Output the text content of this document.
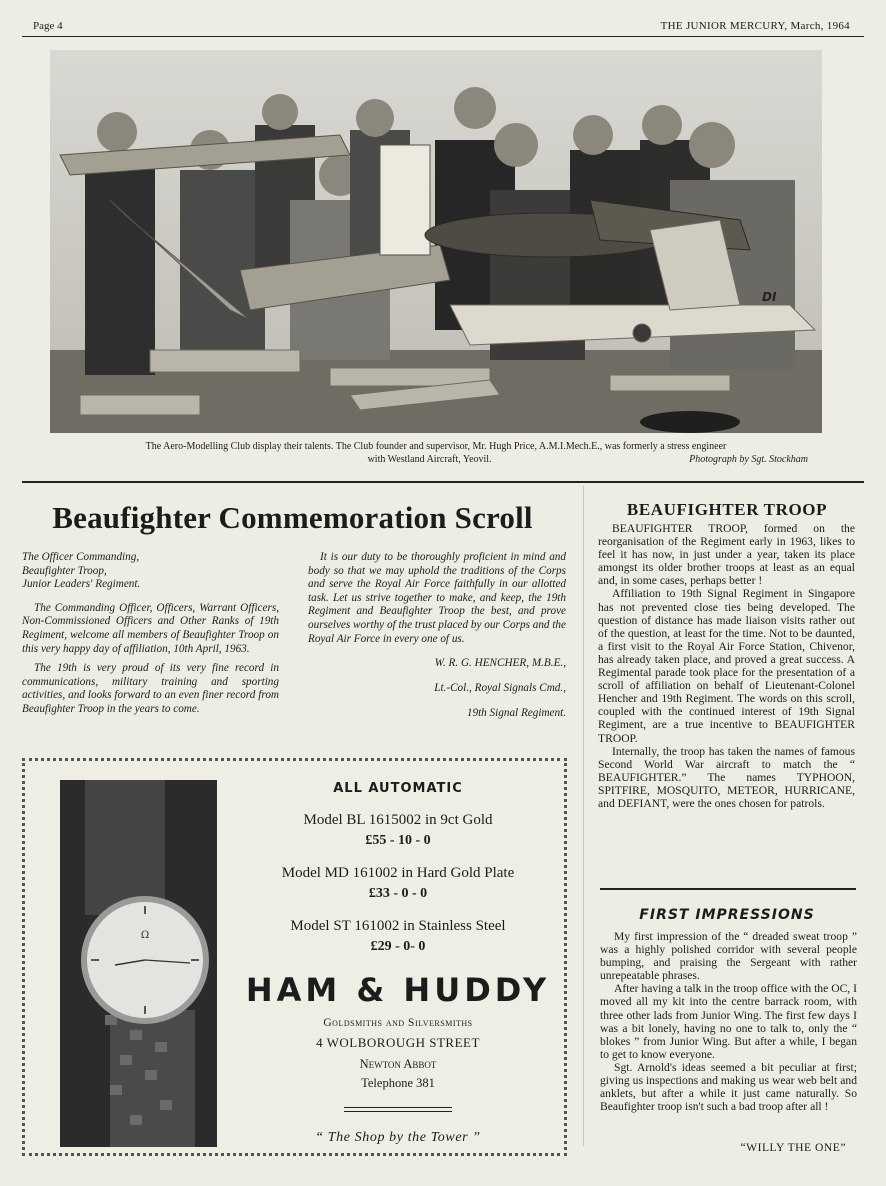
Page 4	THE JUNIOR MERCURY, March, 1964
DI
The Aero-Modelling Club display their talents. The Club founder and supervisor, Mr. Hugh Price, A.M.I.Mech.E., was formerly a stress engineer
with Westland Aircraft, Yeovil.	Photograph by Sgt. Stockham
Beaufighter Commemoration Scroll

The Officer Commanding,
Beaufighter Troop,
Junior Leaders' Regiment.

The Commanding Officer, Officers, Warrant Officers, Non-Commissioned Officers and Other Ranks of 19th Regiment, welcome all members of Beaufighter Troop on this very happy day of affiliation, 10th April, 1963.

The 19th is very proud of its very fine record in communications, military training and sporting activities, and looks forward to an even finer record from Beaufighter Troop in the years to come.

It is our duty to be thoroughly proficient in mind and body so that we may uphold the traditions of the Corps and serve the Royal Air Force faithfully in our allotted task. Let us strive together to make, and keep, the 19th Regiment and Beaufighter Troop the best, and prove ourselves worthy of the trust placed by our Corps and the Royal Air Force in every one of us.

W. R. G. HENCHER, M.B.E.,

Lt.-Col., Royal Signals Cmd.,

19th Signal Regiment.

Ω
ALL AUTOMATIC
Model BL 1615002 in 9ct Gold
£55 - 10 - 0
Model MD 161002 in Hard Gold Plate
£33 - 0 - 0
Model ST 161002 in Stainless Steel
£29 - 0- 0
HAM & HUDDY
Goldsmiths and Silversmiths
4 WOLBOROUGH STREET
Newton Abbot
Telephone 381
“ The Shop by the Tower ”
BEAUFIGHTER TROOP

BEAUFIGHTER TROOP, formed on the reorganisation of the Regiment early in 1963, likes to feel it has now, in just under a year, taken its place amongst its older brother troops at least as an equal and, in some cases, perhaps better !

Affiliation to 19th Signal Regiment in Singapore has not prevented close ties being developed. The question of distance has made liaison visits rather out of the question, at least for the time. Not to be daunted, a first visit to the Royal Air Force Station, Chivenor, has already taken place, and proved a great success. A Regimental parade took place for the presentation of a scroll of affiliation on behalf of Lieutenant-Colonel Hencher and 19th Regiment. The words on this scroll, coupled with the continued interest of 19th Signal Regiment, are a true incentive to BEAUFIGHTER TROOP.

Internally, the troop has taken the names of famous Second World War aircraft to match the “ BEAUFIGHTER.” The names TYPHOON, SPITFIRE, MOSQUITO, METEOR, HURRICANE, and DEFIANT, were the ones chosen for patrols.

FIRST IMPRESSIONS

My first impression of the “ dreaded sweat troop ” was a highly polished corridor with several people bumping, and praising the Sergeant with rather unrepeatable phrases.

After having a talk in the troop office with the OC, I moved all my kit into the centre barrack room, with three other lads from Junior Wing. The first few days I was a bit lonely, having no one to talk to, only the “ blokes ” from Junior Wing. But after a while, I began to get to know everyone.

Sgt. Arnold's ideas seemed a bit peculiar at first; giving us inspections and making us wear web belt and anklets, but after a while it just came naturally. So Beaufighter troop isn't such a bad troop after all !

“WILLY THE ONE”
